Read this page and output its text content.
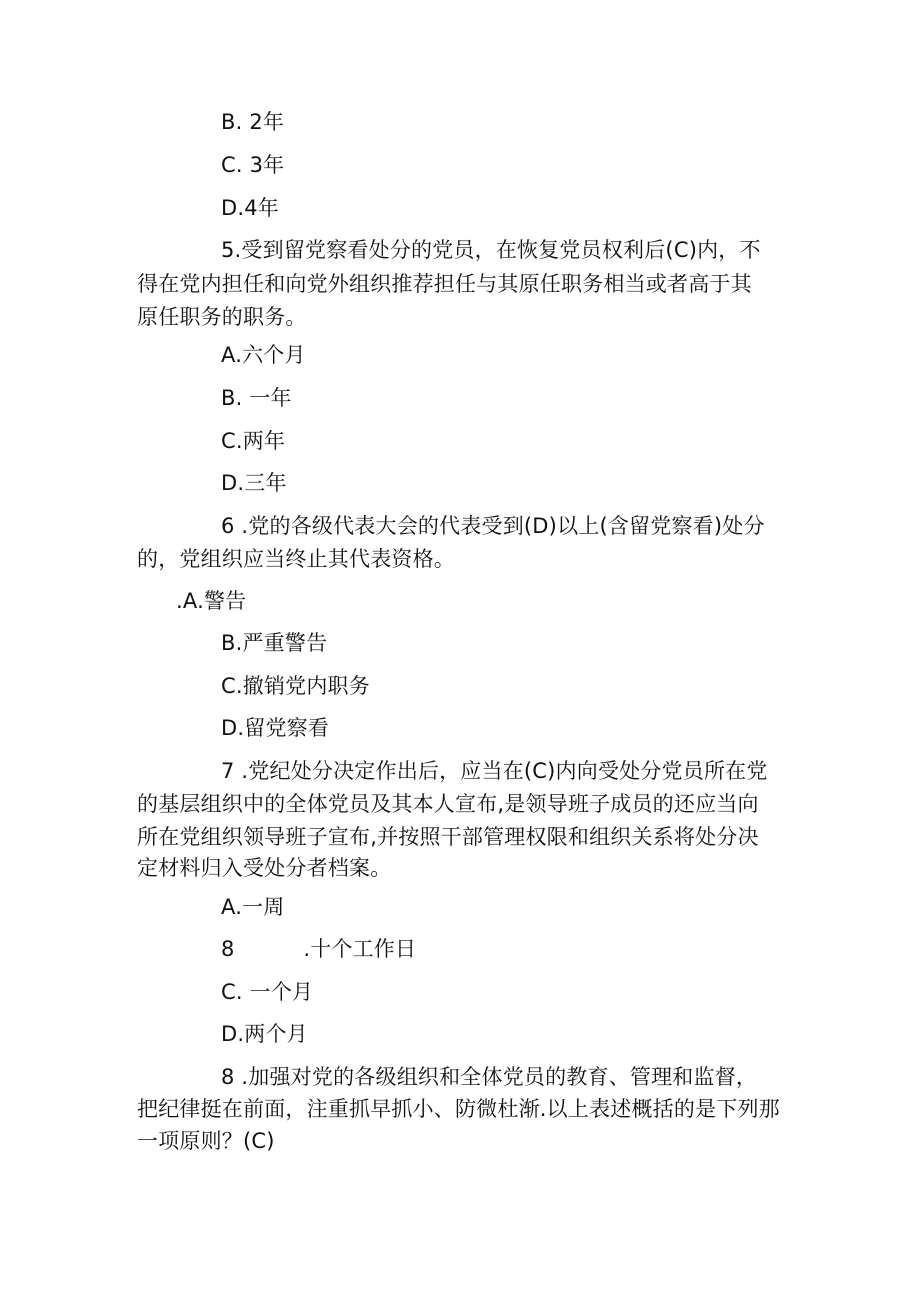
B. 2年
C. 3年
D.4年
5.受到留党察看处分的党员，在恢复党员权利后(C)内，不
得在党内担任和向党外组织推荐担任与其原任职务相当或者高于其
原任职务的职务。
A.六个月
B. 一年
C.两年
D.三年
6 .党的各级代表大会的代表受到(D)以上(含留党察看)处分
的，党组织应当终止其代表资格。
.A.警告
B.严重警告
C.撤销党内职务
D.留党察看
7 .党纪处分决定作出后，应当在(C)内向受处分党员所在党
的基层组织中的全体党员及其本人宣布,是领导班子成员的还应当向
所在党组织领导班子宣布,并按照干部管理权限和组织关系将处分决
定材料归入受处分者档案。
A.一周
8          .十个工作日
C. 一个月
D.两个月
8 .加强对党的各级组织和全体党员的教育、管理和监督，
把纪律挺在前面，注重抓早抓小、防微杜渐.以上表述概括的是下列那
一项原则？(C)
